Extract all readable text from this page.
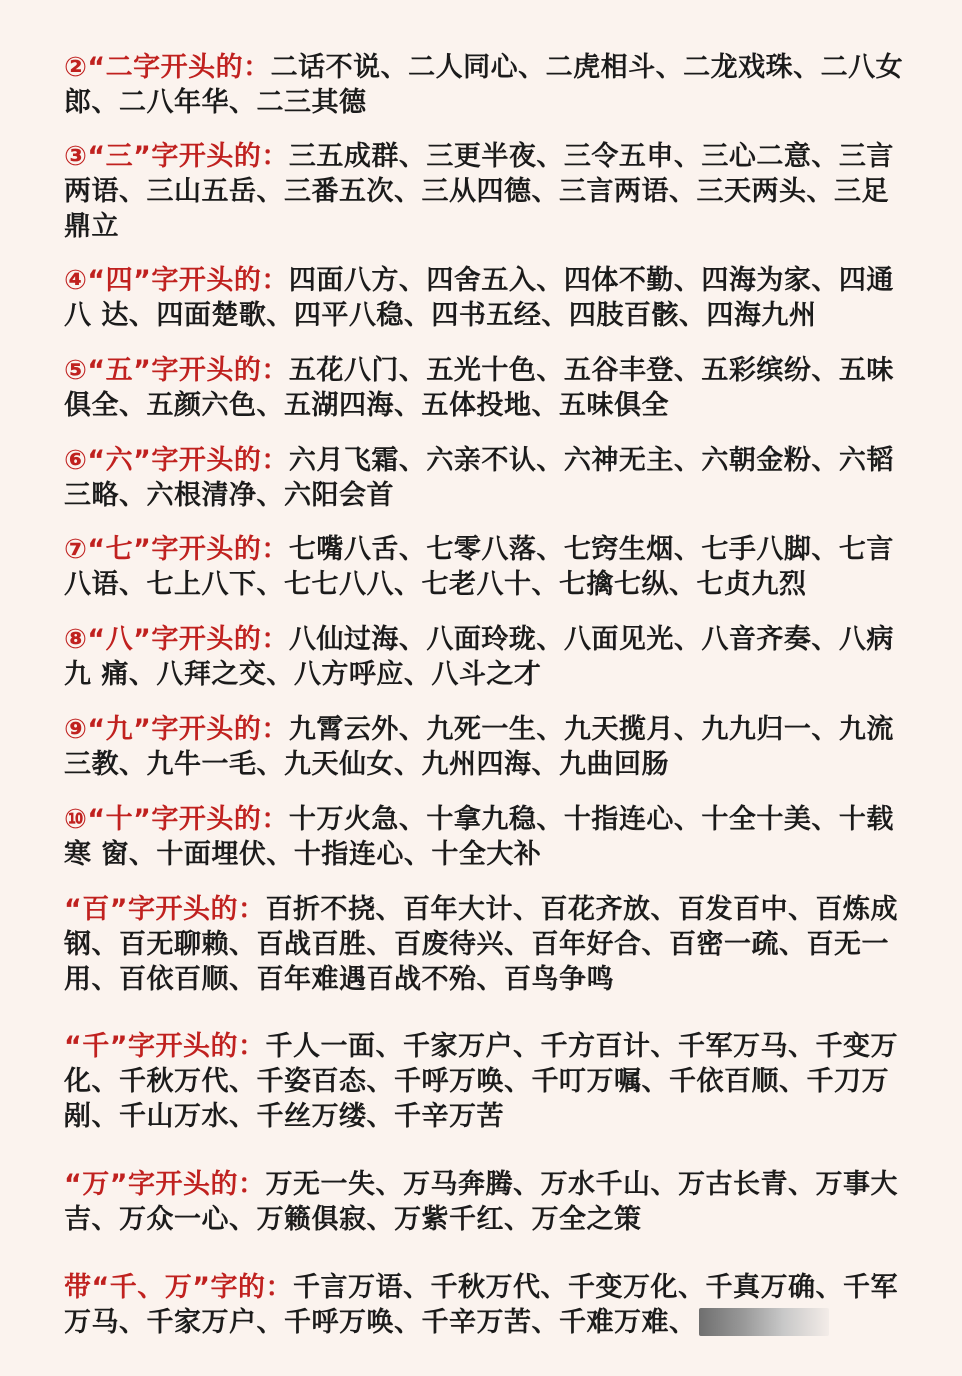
②“二字开头的：二话不说、二人同心、二虎相斗、二龙戏珠、二八女郎、二八年华、二三其德

③“三”字开头的：三五成群、三更半夜、三令五申、三心二意、三言两语、三山五岳、三番五次、三从四德、三言两语、三天两头、三足鼎立

④“四”字开头的：四面八方、四舍五入、四体不勤、四海为家、四通八 达、四面楚歌、四平八稳、四书五经、四肢百骸、四海九州

⑤“五”字开头的：五花八门、五光十色、五谷丰登、五彩缤纷、五味俱全、五颜六色、五湖四海、五体投地、五味俱全

⑥“六”字开头的：六月飞霜、六亲不认、六神无主、六朝金粉、六韬三略、六根清净、六阳会首

⑦“七”字开头的：七嘴八舌、七零八落、七窍生烟、七手八脚、七言八语、七上八下、七七八八、七老八十、七擒七纵、七贞九烈

⑧“八”字开头的：八仙过海、八面玲珑、八面见光、八音齐奏、八病九 痛、八拜之交、八方呼应、八斗之才

⑨“九”字开头的：九霄云外、九死一生、九天揽月、九九归一、九流三教、九牛一毛、九天仙女、九州四海、九曲回肠

⑩“十”字开头的：十万火急、十拿九稳、十指连心、十全十美、十载寒 窗、十面埋伏、十指连心、十全大补

“百”字开头的：百折不挠、百年大计、百花齐放、百发百中、百炼成钢、百无聊赖、百战百胜、百废待兴、百年好合、百密一疏、百无一用、百依百顺、百年难遇百战不殆、百鸟争鸣

“千”字开头的：千人一面、千家万户、千方百计、千军万马、千变万化、千秋万代、千姿百态、千呼万唤、千叮万嘱、千依百顺、千刀万剐、千山万水、千丝万缕、千辛万苦

“万”字开头的：万无一失、万马奔腾、万水千山、万古长青、万事大吉、万众一心、万籁俱寂、万紫千红、万全之策

带“千、万”字的：千言万语、千秋万代、千变万化、千真万确、千军万马、千家万户、千呼万唤、千辛万苦、千难万难、
